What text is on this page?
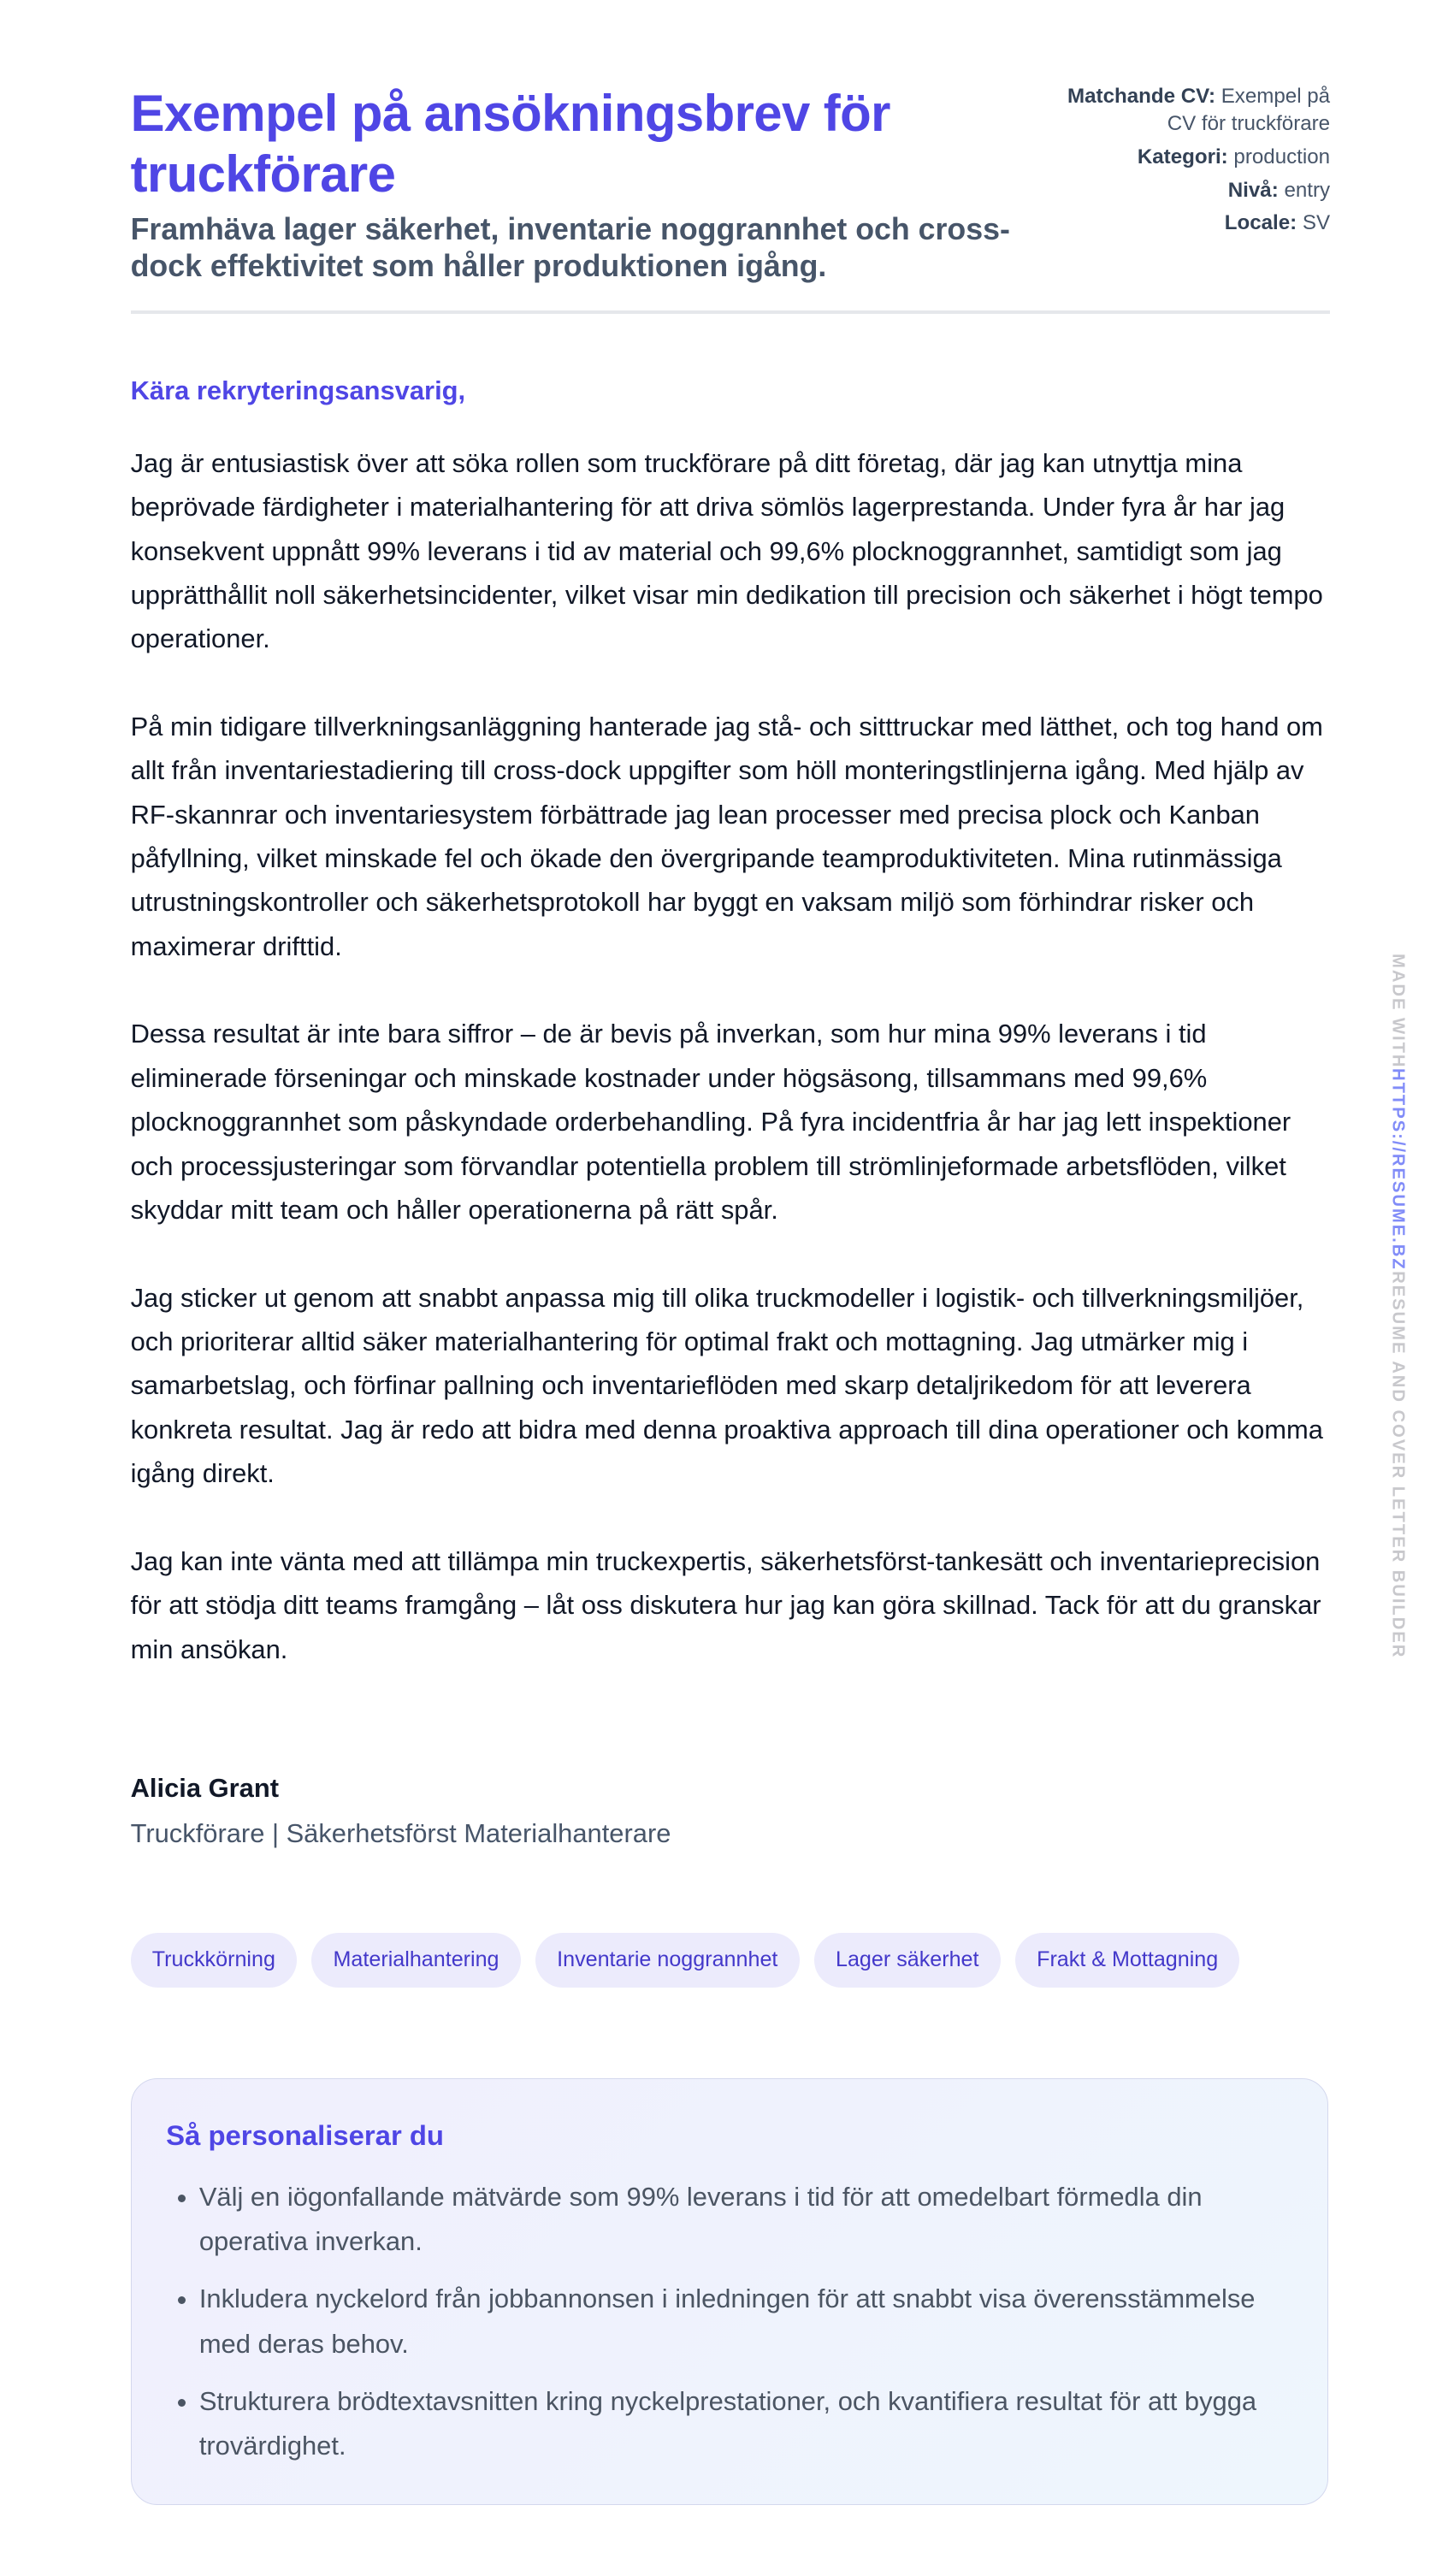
Exempel på ansökningsbrev för truckförare

Framhäva lager säkerhet, inventarie noggrannhet och cross-dock effektivitet som håller produktionen igång.

Matchande CV: Exempel på CV för truckförare
Kategori: production
Nivå: entry
Locale: SV
Kära rekryteringsansvarig,

Jag är entusiastisk över att söka rollen som truckförare på ditt företag, där jag kan utnyttja mina beprövade färdigheter i materialhantering för att driva sömlös lagerprestanda. Under fyra år har jag konsekvent uppnått 99% leverans i tid av material och 99,6% plocknoggrannhet, samtidigt som jag upprätthållit noll säkerhetsincidenter, vilket visar min dedikation till precision och säkerhet i högt tempo operationer.

På min tidigare tillverkningsanläggning hanterade jag stå- och sitttruckar med lätthet, och tog hand om allt från inventariestadiering till cross-dock uppgifter som höll monteringstlinjerna igång. Med hjälp av RF-skannrar och inventariesystem förbättrade jag lean processer med precisa plock och Kanban påfyllning, vilket minskade fel och ökade den övergripande teamproduktiviteten. Mina rutinmässiga utrustningskontroller och säkerhetsprotokoll har byggt en vaksam miljö som förhindrar risker och maximerar drifttid.

Dessa resultat är inte bara siffror – de är bevis på inverkan, som hur mina 99% leverans i tid eliminerade förseningar och minskade kostnader under högsäsong, tillsammans med 99,6% plocknoggrannhet som påskyndade orderbehandling. På fyra incidentfria år har jag lett inspektioner och processjusteringar som förvandlar potentiella problem till strömlinjeformade arbetsflöden, vilket skyddar mitt team och håller operationerna på rätt spår.

Jag sticker ut genom att snabbt anpassa mig till olika truckmodeller i logistik- och tillverkningsmiljöer, och prioriterar alltid säker materialhantering för optimal frakt och mottagning. Jag utmärker mig i samarbetslag, och förfinar pallning och inventarieflöden med skarp detaljrikedom för att leverera konkreta resultat. Jag är redo att bidra med denna proaktiva approach till dina operationer och komma igång direkt.

Jag kan inte vänta med att tillämpa min truckexpertis, säkerhetsförst-tankesätt och inventarieprecision för att stödja ditt teams framgång – låt oss diskutera hur jag kan göra skillnad. Tack för att du granskar min ansökan.

Alicia Grant
Truckförare | Säkerhetsförst Materialhanterare
Truckkörning	Materialhantering	Inventarie noggrannhet	Lager säkerhet	Frakt & Mottagning
Så personaliserar du
• Välj en iögonfallande mätvärde som 99% leverans i tid för att omedelbart förmedla din operativa inverkan.
• Inkludera nyckelord från jobbannonsen i inledningen för att snabbt visa överensstämmelse med deras behov.
• Strukturera brödtextavsnitten kring nyckelprestationer, och kvantifiera resultat för att bygga trovärdighet.
MADE WITHHTTPS://RESUME.BZRESUME AND COVER LETTER BUILDER
